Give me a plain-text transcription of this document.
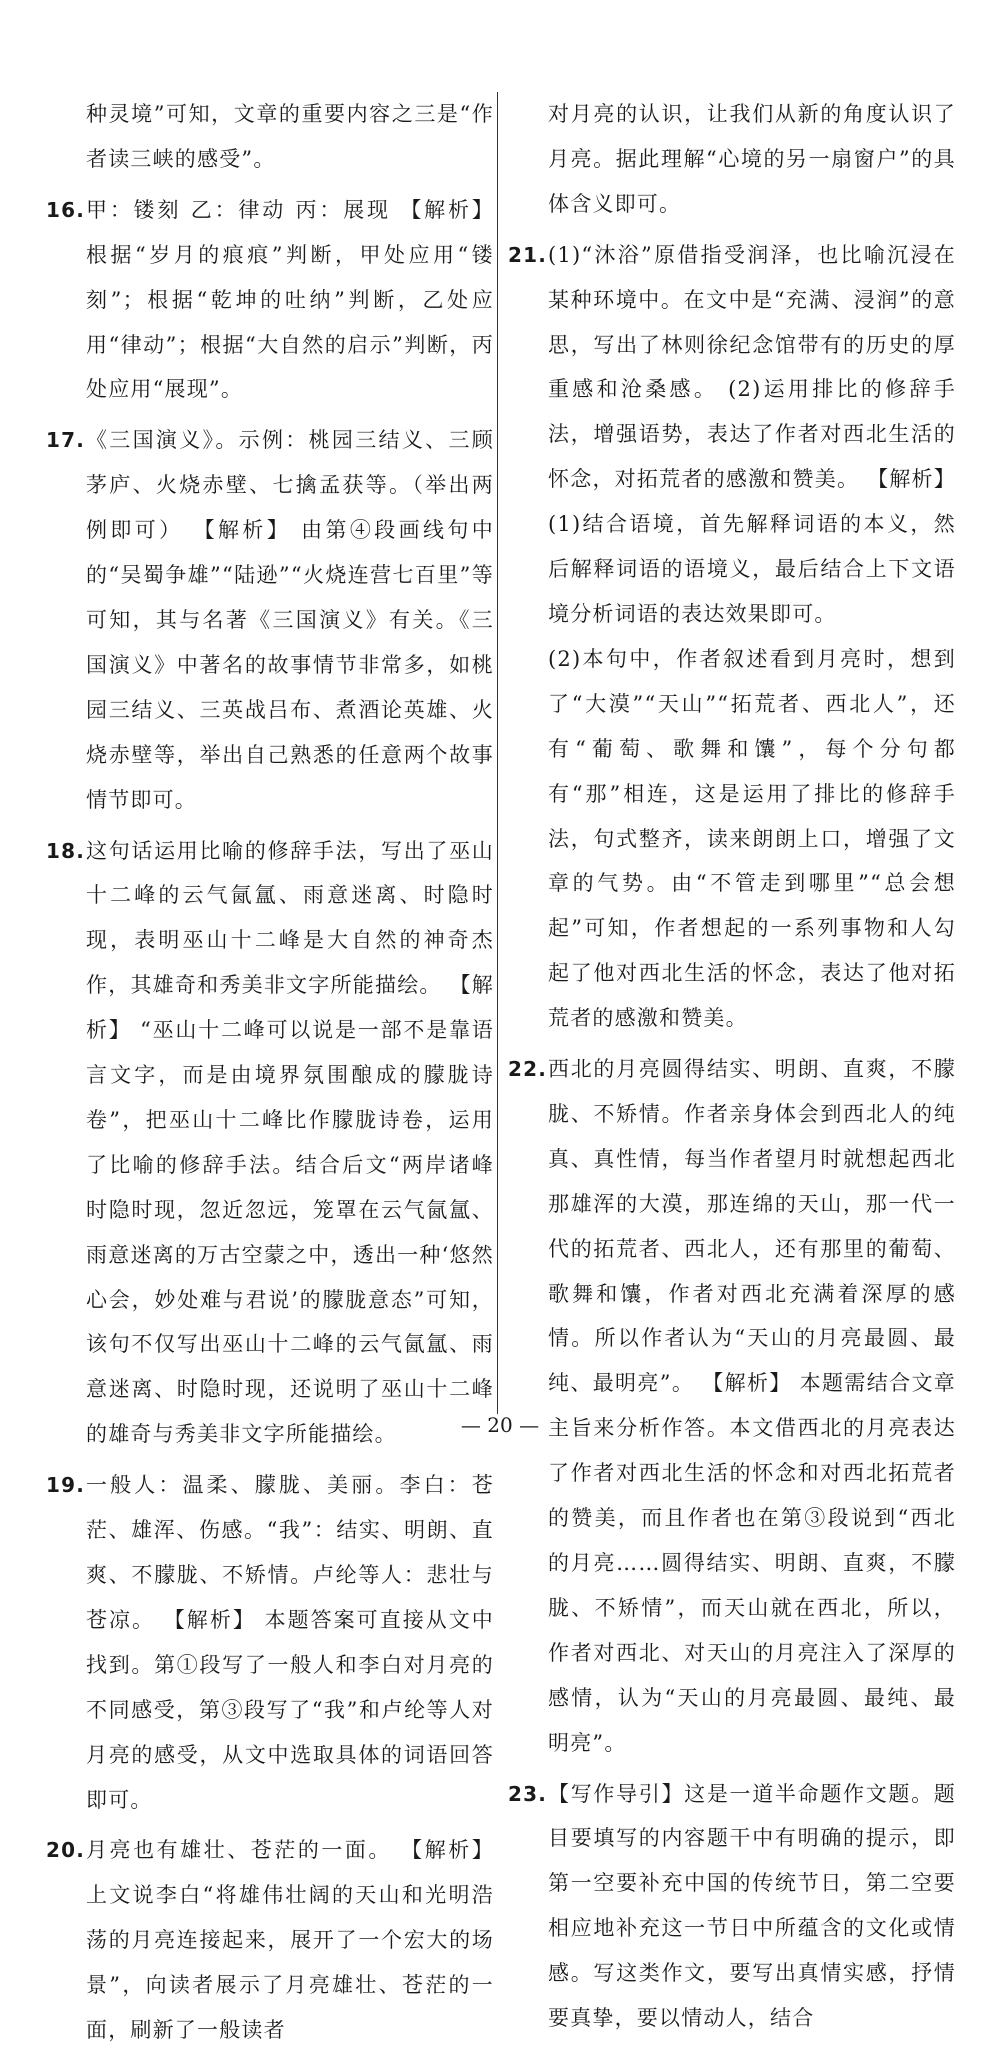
种灵境”可知，文章的重要内容之三是“作者读三峡的感受”。
16. 甲：镂刻 乙：律动 丙：展现 【解析】 根据“岁月的痕痕”判断，甲处应用“镂刻”；根据“乾坤的吐纳”判断，乙处应用“律动”；根据“大自然的启示”判断，丙处应用“展现”。
17. 《三国演义》。示例：桃园三结义、三顾茅庐、火烧赤壁、七擒孟获等。（举出两例即可） 【解析】 由第④段画线句中的“吴蜀争雄”“陆逊”“火烧连营七百里”等可知，其与名著《三国演义》有关。《三国演义》中著名的故事情节非常多，如桃园三结义、三英战吕布、煮酒论英雄、火烧赤壁等，举出自己熟悉的任意两个故事情节即可。
18. 这句话运用比喻的修辞手法，写出了巫山十二峰的云气氤氲、雨意迷离、时隐时现，表明巫山十二峰是大自然的神奇杰作，其雄奇和秀美非文字所能描绘。 【解析】 “巫山十二峰可以说是一部不是靠语言文字，而是由境界氛围酿成的朦胧诗卷”，把巫山十二峰比作朦胧诗卷，运用了比喻的修辞手法。结合后文“两岸诸峰时隐时现，忽近忽远，笼罩在云气氤氲、雨意迷离的万古空蒙之中，透出一种‘悠然心会，妙处难与君说’的朦胧意态”可知，该句不仅写出巫山十二峰的云气氤氲、雨意迷离、时隐时现，还说明了巫山十二峰的雄奇与秀美非文字所能描绘。
19. 一般人：温柔、朦胧、美丽。李白：苍茫、雄浑、伤感。“我”：结实、明朗、直爽、不朦胧、不矫情。卢纶等人：悲壮与苍凉。 【解析】 本题答案可直接从文中找到。第①段写了一般人和李白对月亮的不同感受，第③段写了“我”和卢纶等人对月亮的感受，从文中选取具体的词语回答即可。
20. 月亮也有雄壮、苍茫的一面。 【解析】 上文说李白“将雄伟壮阔的天山和光明浩荡的月亮连接起来，展开了一个宏大的场景”，向读者展示了月亮雄壮、苍茫的一面，刷新了一般读者
对月亮的认识，让我们从新的角度认识了月亮。据此理解“心境的另一扇窗户”的具体含义即可。
21. (1)“沐浴”原借指受润泽，也比喻沉浸在某种环境中。在文中是“充满、浸润”的意思，写出了林则徐纪念馆带有的历史的厚重感和沧桑感。 (2)运用排比的修辞手法，增强语势，表达了作者对西北生活的怀念，对拓荒者的感激和赞美。 【解析】 (1)结合语境，首先解释词语的本义，然后解释词语的语境义，最后结合上下文语境分析词语的表达效果即可。
(2)本句中，作者叙述看到月亮时，想到了“大漠”“天山”“拓荒者、西北人”，还有“葡萄、歌舞和馕”，每个分句都有“那”相连，这是运用了排比的修辞手法，句式整齐，读来朗朗上口，增强了文章的气势。由“不管走到哪里”“总会想起”可知，作者想起的一系列事物和人勾起了他对西北生活的怀念，表达了他对拓荒者的感激和赞美。
22. 西北的月亮圆得结实、明朗、直爽，不朦胧、不矫情。作者亲身体会到西北人的纯真、真性情，每当作者望月时就想起西北那雄浑的大漠，那连绵的天山，那一代一代的拓荒者、西北人，还有那里的葡萄、歌舞和馕，作者对西北充满着深厚的感情。所以作者认为“天山的月亮最圆、最纯、最明亮”。 【解析】 本题需结合文章主旨来分析作答。本文借西北的月亮表达了作者对西北生活的怀念和对西北拓荒者的赞美，而且作者也在第③段说到“西北的月亮……圆得结实、明朗、直爽，不朦胧、不矫情”，而天山就在西北，所以，作者对西北、对天山的月亮注入了深厚的感情，认为“天山的月亮最圆、最纯、最明亮”。
23. 【写作导引】这是一道半命题作文题。题目要填写的内容题干中有明确的提示，即第一空要补充中国的传统节日，第二空要相应地补充这一节日中所蕴含的文化或情感。写这类作文，要写出真情实感，抒情要真挚，要以情动人，结合
— 20 —
